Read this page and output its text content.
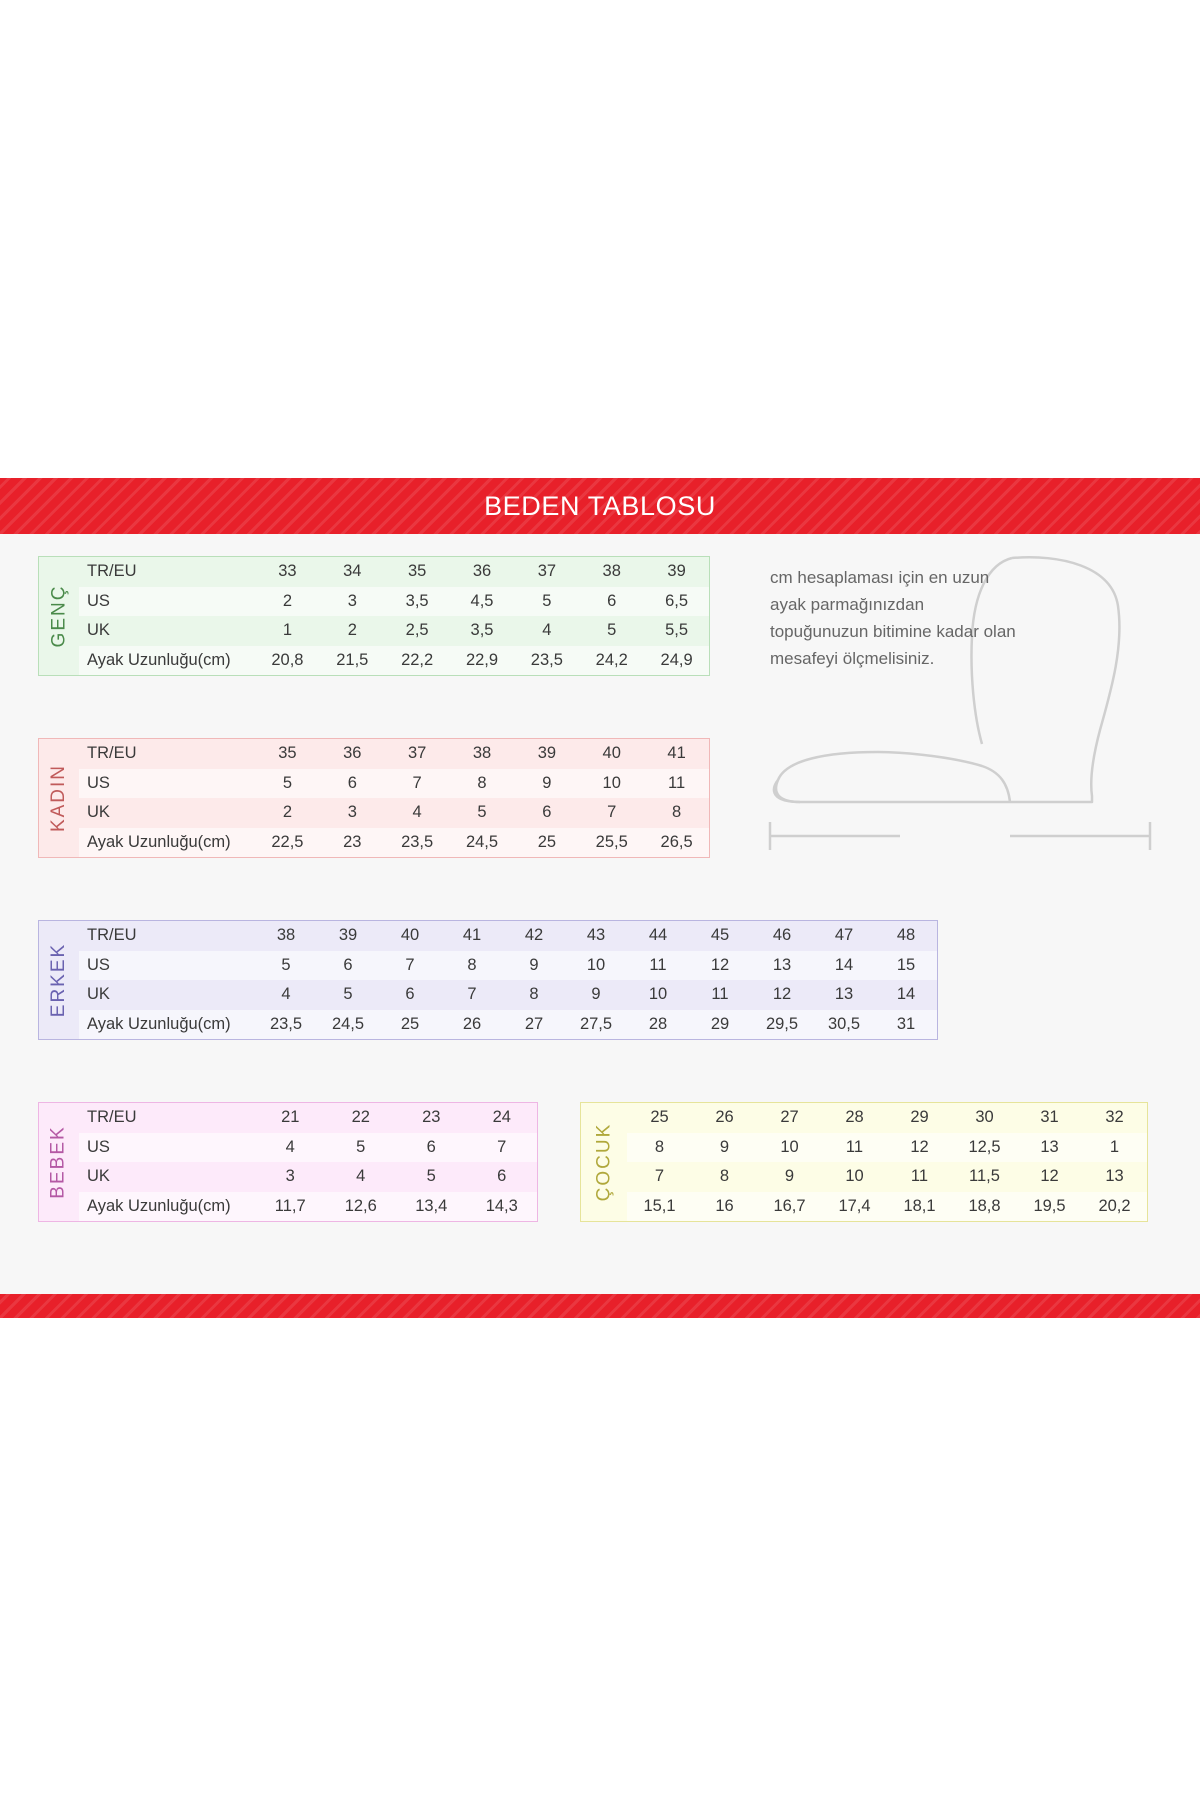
BEDEN TABLOSU
GENÇ
TR/EU	33	34	35	36	37	38	39
US	2	3	3,5	4,5	5	6	6,5
UK	1	2	2,5	3,5	4	5	5,5
Ayak Uzunluğu(cm)	20,8	21,5	22,2	22,9	23,5	24,2	24,9
KADIN
TR/EU	35	36	37	38	39	40	41
US	5	6	7	8	9	10	11
UK	2	3	4	5	6	7	8
Ayak Uzunluğu(cm)	22,5	23	23,5	24,5	25	25,5	26,5
ERKEK
TR/EU	38	39	40	41	42	43	44	45	46	47	48
US	5	6	7	8	9	10	11	12	13	14	15
UK	4	5	6	7	8	9	10	11	12	13	14
Ayak Uzunluğu(cm)	23,5	24,5	25	26	27	27,5	28	29	29,5	30,5	31
BEBEK
TR/EU	21	22	23	24
US	4	5	6	7
UK	3	4	5	6
Ayak Uzunluğu(cm)	11,7	12,6	13,4	14,3
ÇOCUK
25	26	27	28	29	30	31	32
8	9	10	11	12	12,5	13	1
7	8	9	10	11	11,5	12	13
15,1	16	16,7	17,4	18,1	18,8	19,5	20,2
cm hesaplaması için en uzun ayak parmağınızdan topuğunuzun bitimine kadar olan mesafeyi ölçmelisiniz.
